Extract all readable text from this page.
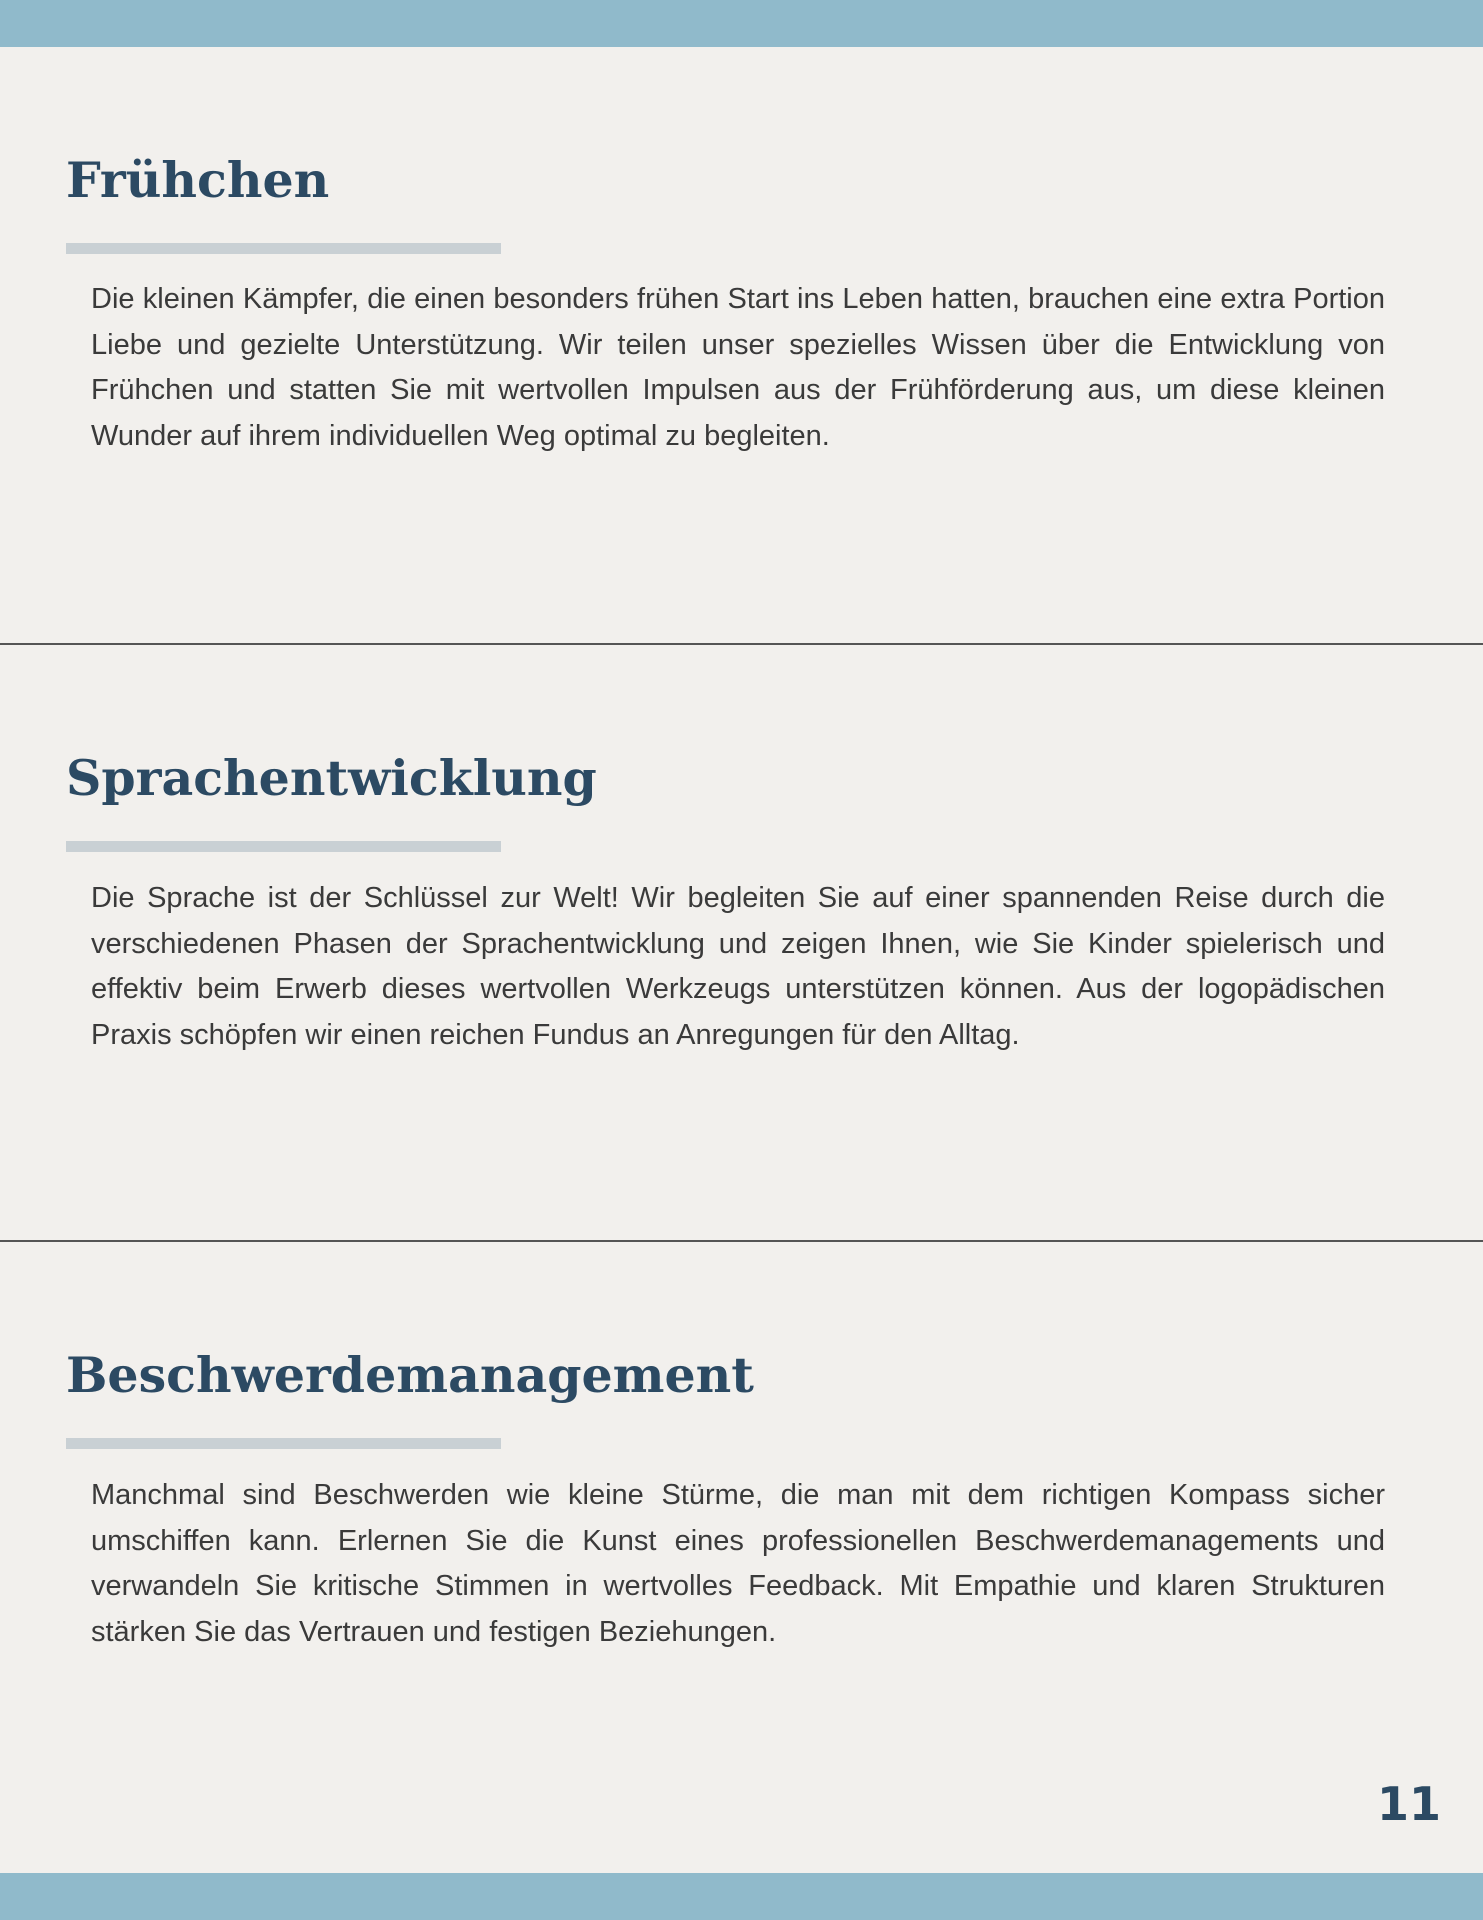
Frühchen

Die kleinen Kämpfer, die einen besonders frühen Start ins Leben hatten, brauchen eine extra Portion Liebe und gezielte Unterstützung. Wir teilen unser spezielles Wissen über die Entwicklung von Frühchen und statten Sie mit wertvollen Impulsen aus der Frühförderung aus, um diese kleinen Wunder auf ihrem individuellen Weg optimal zu begleiten.

Sprachentwicklung

Die Sprache ist der Schlüssel zur Welt! Wir begleiten Sie auf einer spannenden Reise durch die verschiedenen Phasen der Sprachentwicklung und zeigen Ihnen, wie Sie Kinder spielerisch und effektiv beim Erwerb dieses wertvollen Werkzeugs unterstützen können. Aus der logopädischen Praxis schöpfen wir einen reichen Fundus an Anregungen für den Alltag.

Beschwerdemanagement

Manchmal sind Beschwerden wie kleine Stürme, die man mit dem richtigen Kompass sicher umschiffen kann. Erlernen Sie die Kunst eines professionellen Beschwerdemanagements und verwandeln Sie kritische Stimmen in wertvolles Feedback. Mit Empathie und klaren Strukturen stärken Sie das Vertrauen und festigen Beziehungen.

11
